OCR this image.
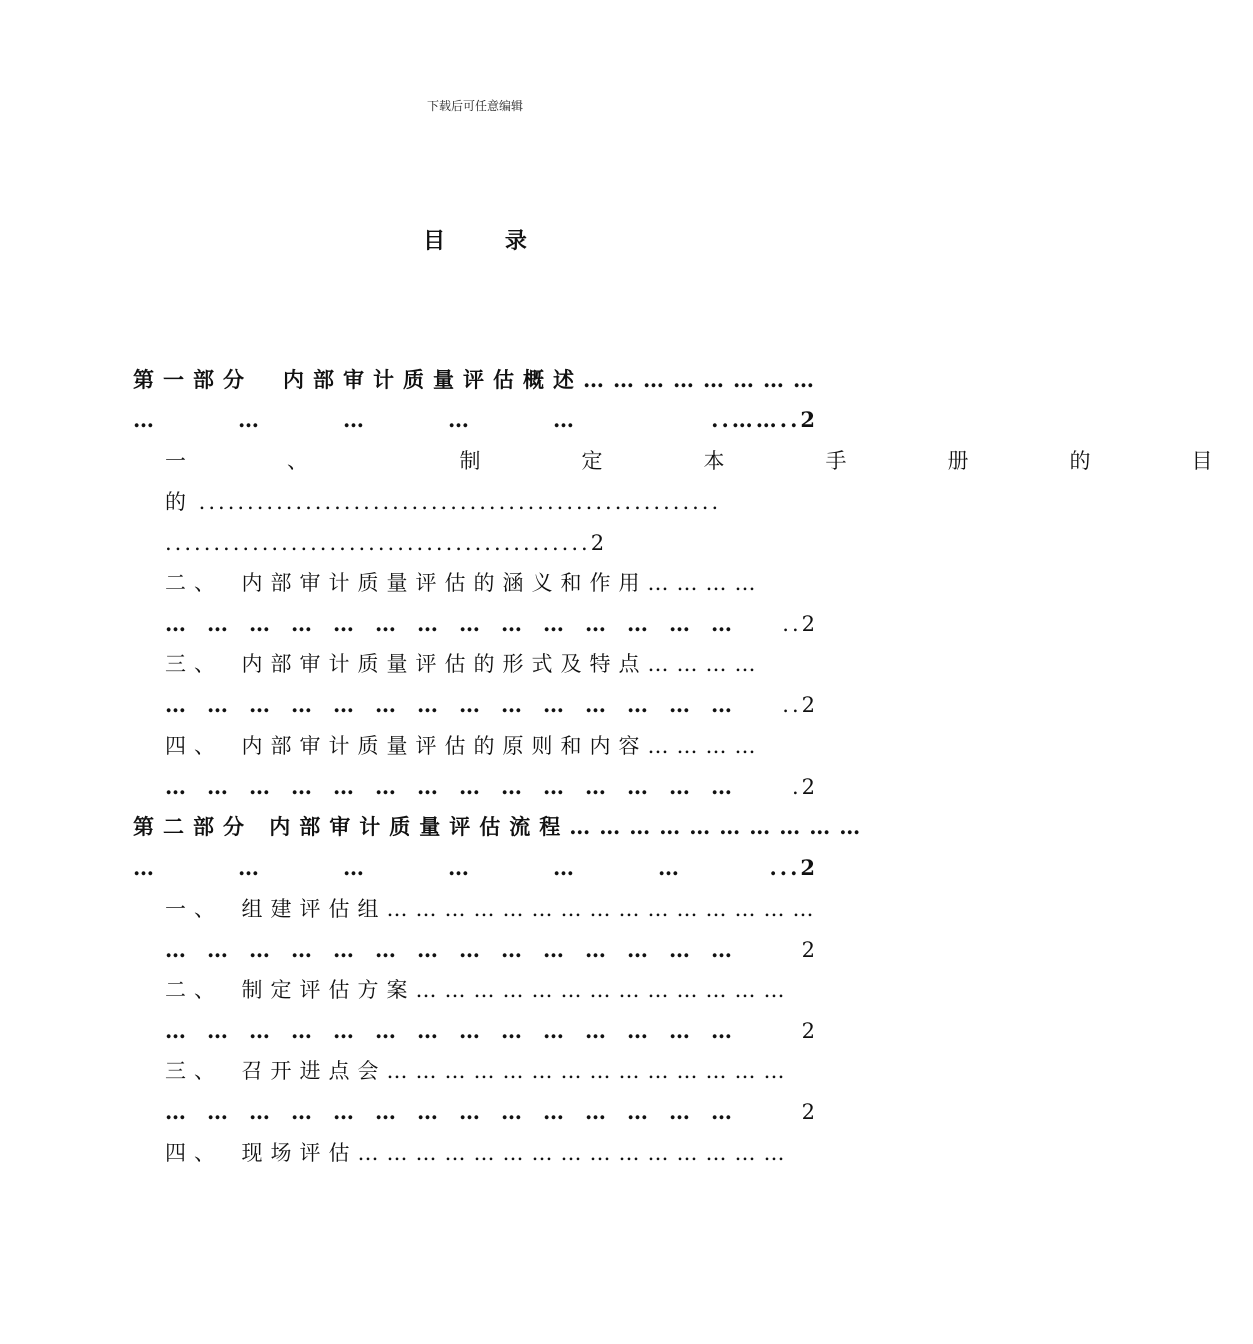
下载后可任意编辑
目 录
第一部分　内部审计质量评估概述……………………
…　　　　…　　　　…　　　　…　　　　…	..……..2
一　、　　制　定　本　手　册　的　目
的 ......................................................
............................................2
二、　内部审计质量评估的涵义和作用…………
…　…　…　…　…　…　…　…　…　…　…　…　…　… ..2
三、　内部审计质量评估的形式及特点…………
…　…　…　…　…　…　…　…　…　…　…　…　…　… ..2
四、　内部审计质量评估的原则和内容…………
…　…　…　…　…　…　…　…　…　…　…　…　…　…	.2
第二部分 内部审计质量评估流程…………………………
…　　　　…　　　　…　　　　…　　　　…　　　　…	...2
一、　组建评估组………………………………………
…　…　…　…　…　…　…　…　…　…　…　…　…　…	2
二、　制定评估方案…………………………………
…　…　…　…　…　…　…　…　…　…　…　…　…　…	2
三、　召开进点会……………………………………
…　…　…　…　…　…　…　…　…　…　…　…　…　…	2
四、　现场评估………………………………………
